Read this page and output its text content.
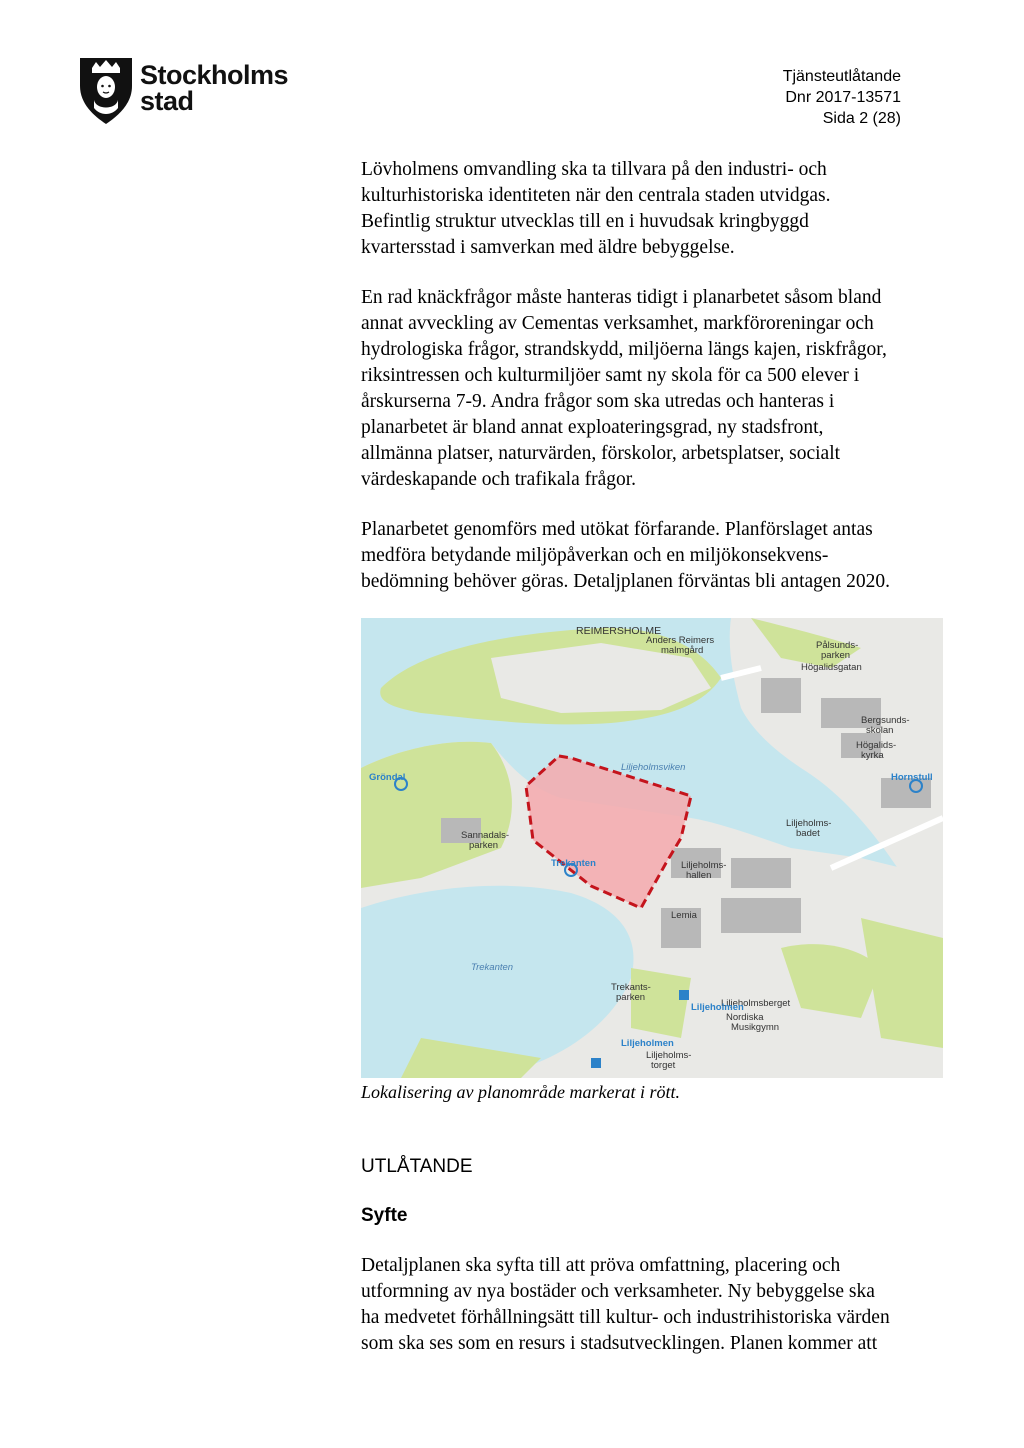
Stockholms
stad
Tjänsteutlåtande
Dnr 2017-13571
Sida 2 (28)

Lövholmens omvandling ska ta tillvara på den industri- och

kulturhistoriska identiteten när den centrala staden utvidgas.

Befintlig struktur utvecklas till en i huvudsak kringbyggd

kvartersstad i samverkan med äldre bebyggelse.

En rad knäckfrågor måste hanteras tidigt i planarbetet såsom bland

annat avveckling av Cementas verksamhet, markföroreningar och

hydrologiska frågor, strandskydd, miljöerna längs kajen, riskfrågor,

riksintressen och kulturmiljöer samt ny skola för ca 500 elever i

årskurserna 7-9. Andra frågor som ska utredas och hanteras i

planarbetet är bland annat exploateringsgrad, ny stadsfront,

allmänna platser, naturvärden, förskolor, arbetsplatser, socialt

värdeskapande och trafikala frågor.

Planarbetet genomförs med utökat förfarande. Planförslaget antas

medföra betydande miljöpåverkan och en miljökonsekvens-

bedömning behöver göras. Detaljplanen förväntas bli antagen 2020.

REIMERSHOLME
Anders Reimers
malmgård	Pålsunds-
parken
Högalidsgatan
Liljeholmsviken
Gröndal	Hornstull
Bergsunds-
skolan
Högalids-
kyrka
Sannadals-
parken
Liljeholms-
badet
Trekanten	Liljeholms-
hallen
Lemia
Trekanten
Trekants-
parken
Liljeholmsberget
Liljeholmen
Liljeholmen
Nordiska
Musikgymn
Liljeholms-
torget
Lokalisering av planområde markerat i rött.
UTLÅTANDE
Syfte

Detaljplanen ska syfta till att pröva omfattning, placering och

utformning av nya bostäder och verksamheter. Ny bebyggelse ska

ha medvetet förhållningsätt till kultur- och industrihistoriska värden

som ska ses som en resurs i stadsutvecklingen. Planen kommer att
